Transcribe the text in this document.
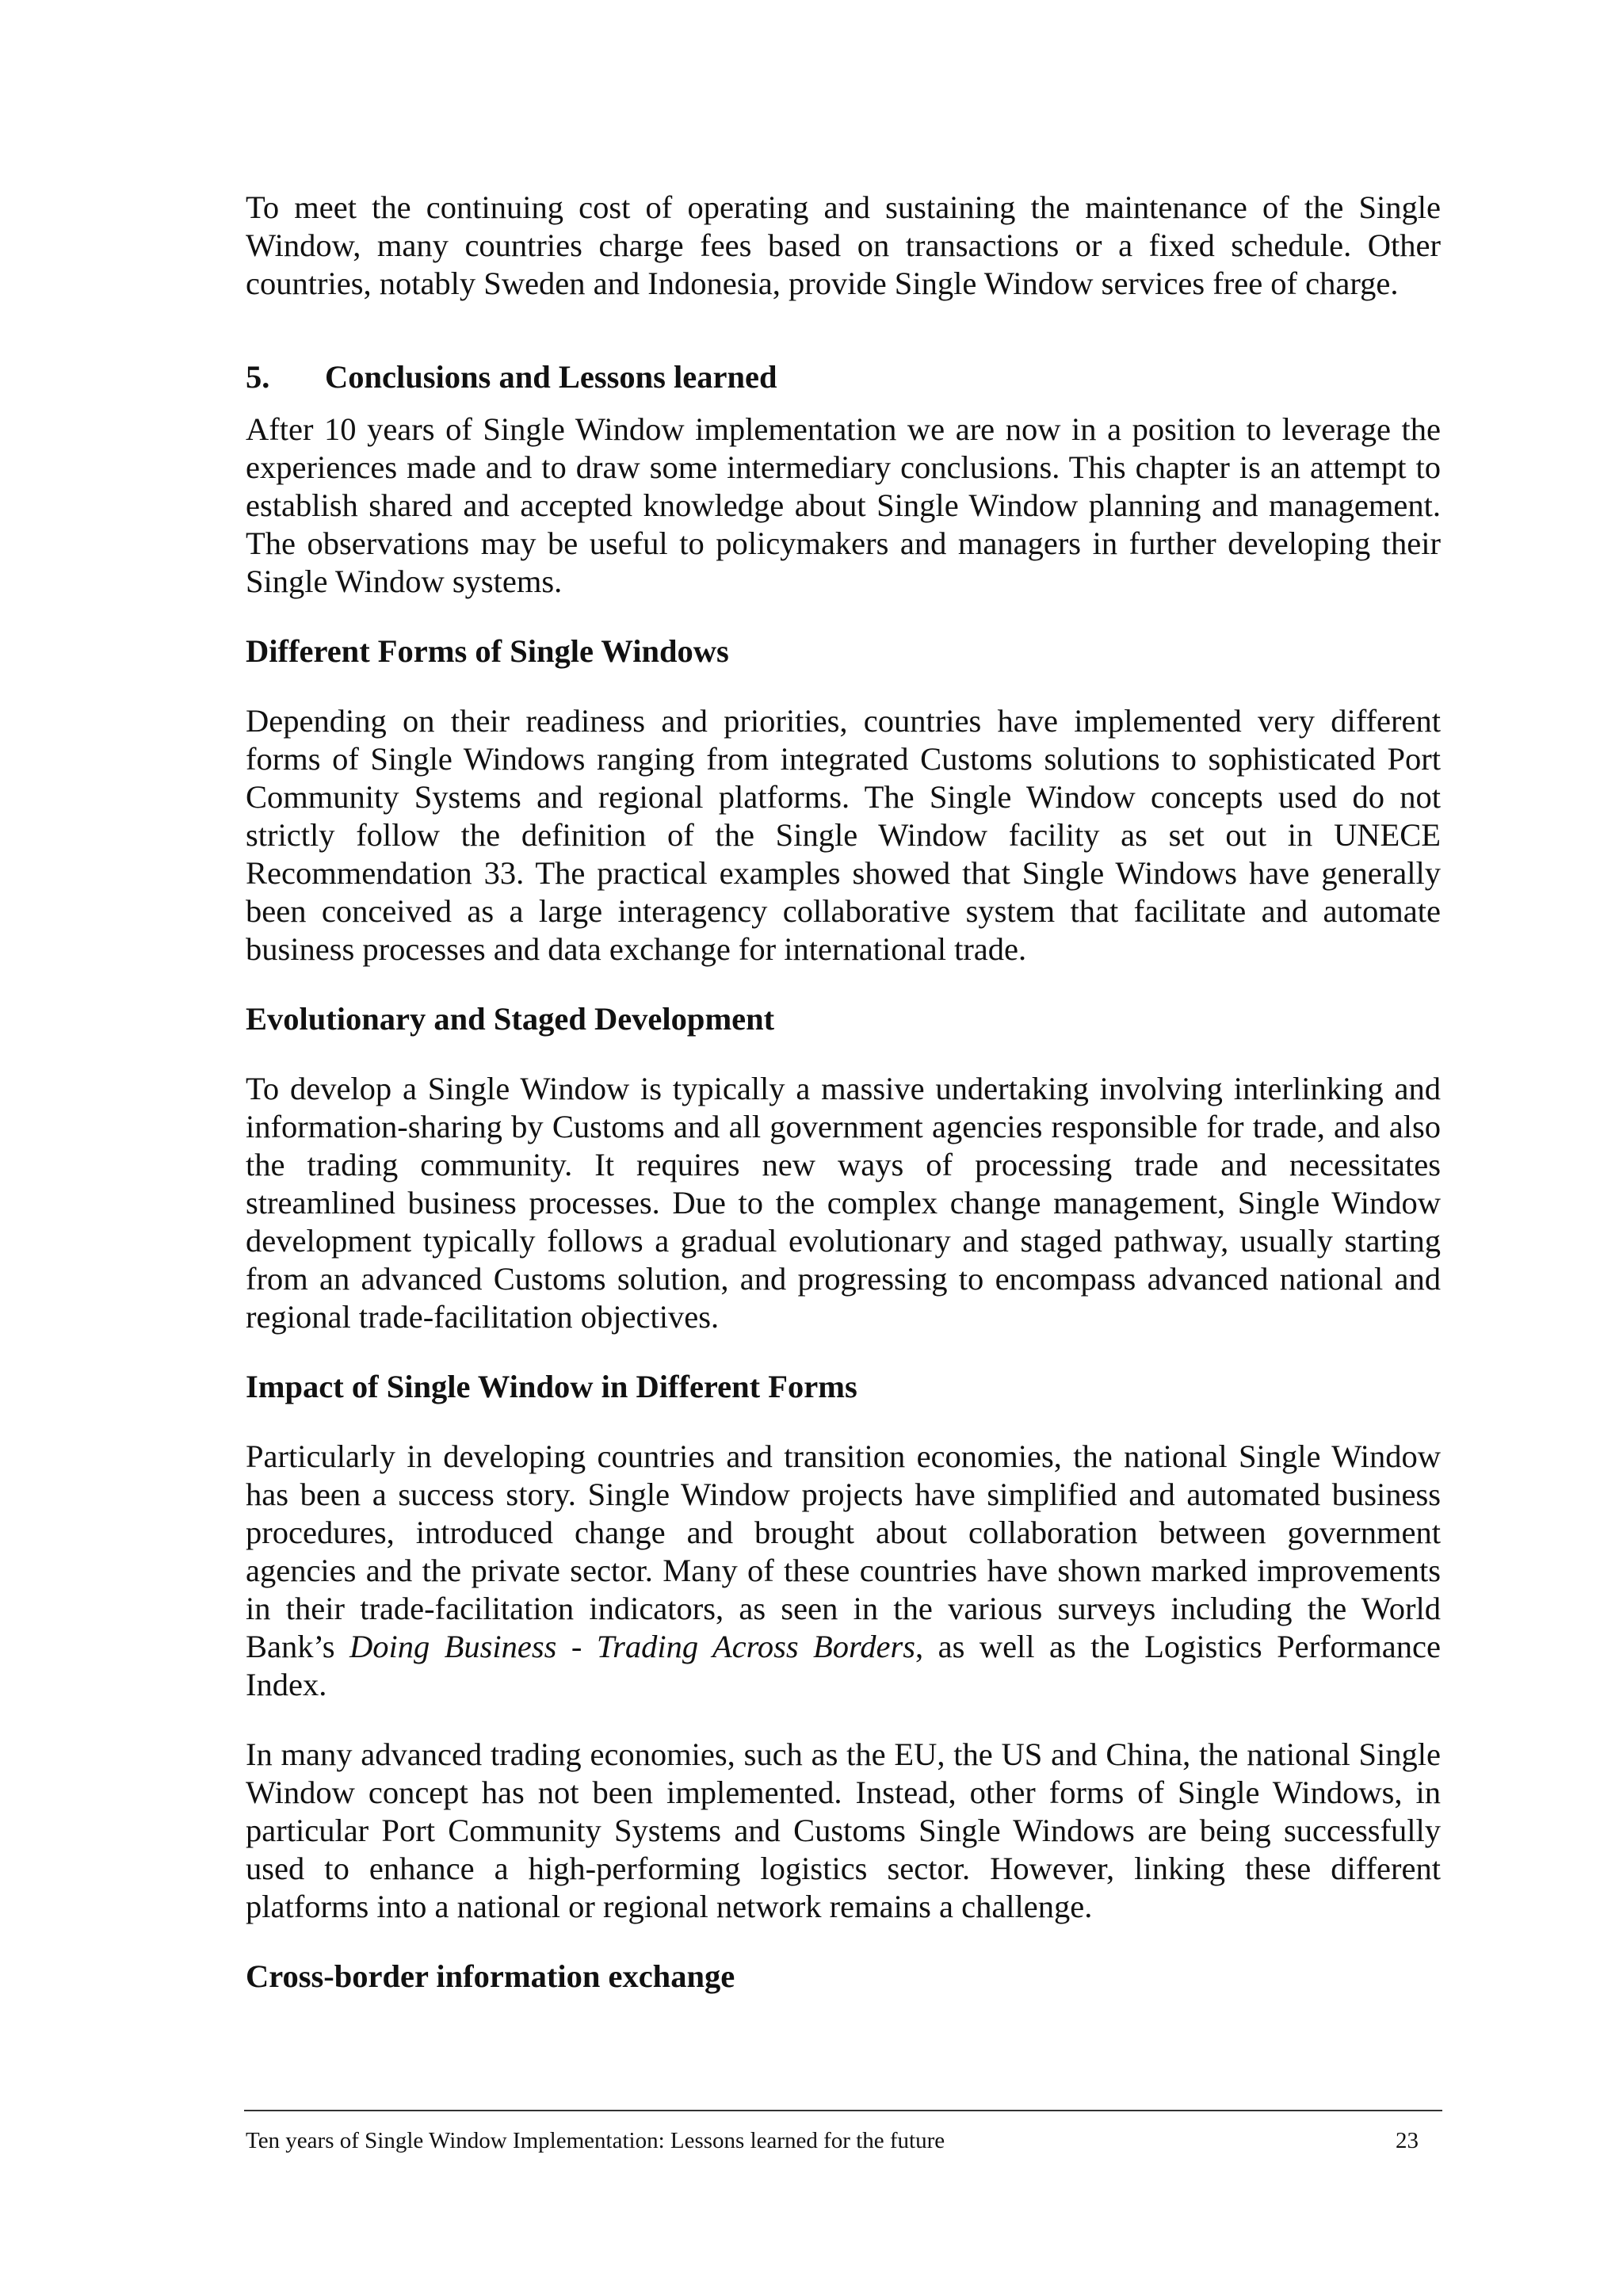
To meet the continuing cost of operating and sustaining the maintenance of the Single Window, many countries charge fees based on transactions or a fixed schedule. Other countries, notably Sweden and Indonesia, provide Single Window services free of charge.

5.	Conclusions and Lessons learned

After 10 years of Single Window implementation we are now in a position to leverage the experiences made and to draw some intermediary conclusions. This chapter is an attempt to establish shared and accepted knowledge about Single Window planning and management. The observations may be useful to policymakers and managers in further developing their Single Window systems.

Different Forms of Single Windows

Depending on their readiness and priorities, countries have implemented very different forms of Single Windows ranging from integrated Customs solutions to sophisticated Port Community Systems and regional platforms. The Single Window concepts used do not strictly follow the definition of the Single Window facility as set out in UNECE Recommendation 33. The practical examples showed that Single Windows have generally been conceived as a large interagency collaborative system that facilitate and automate business processes and data exchange for international trade.

Evolutionary and Staged Development

To develop a Single Window is typically a massive undertaking involving interlinking and information-sharing by Customs and all government agencies responsible for trade, and also the trading community. It requires new ways of processing trade and necessitates streamlined business processes. Due to the complex change management, Single Window development typically follows a gradual evolutionary and staged pathway, usually starting from an advanced Customs solution, and progressing to encompass advanced national and regional trade-facilitation objectives.

Impact of Single Window in Different Forms

Particularly in developing countries and transition economies, the national Single Window has been a success story. Single Window projects have simplified and automated business procedures, introduced change and brought about collaboration between government agencies and the private sector. Many of these countries have shown marked improvements in their trade-facilitation indicators, as seen in the various surveys including the World Bank’s Doing Business - Trading Across Borders, as well as the Logistics Performance Index.

In many advanced trading economies, such as the EU, the US and China, the national Single Window concept has not been implemented. Instead, other forms of Single Windows, in particular Port Community Systems and Customs Single Windows are being successfully used to enhance a high-performing logistics sector. However, linking these different platforms into a national or regional network remains a challenge.

Cross-border information exchange
Ten years of Single Window Implementation: Lessons learned for the future	23
